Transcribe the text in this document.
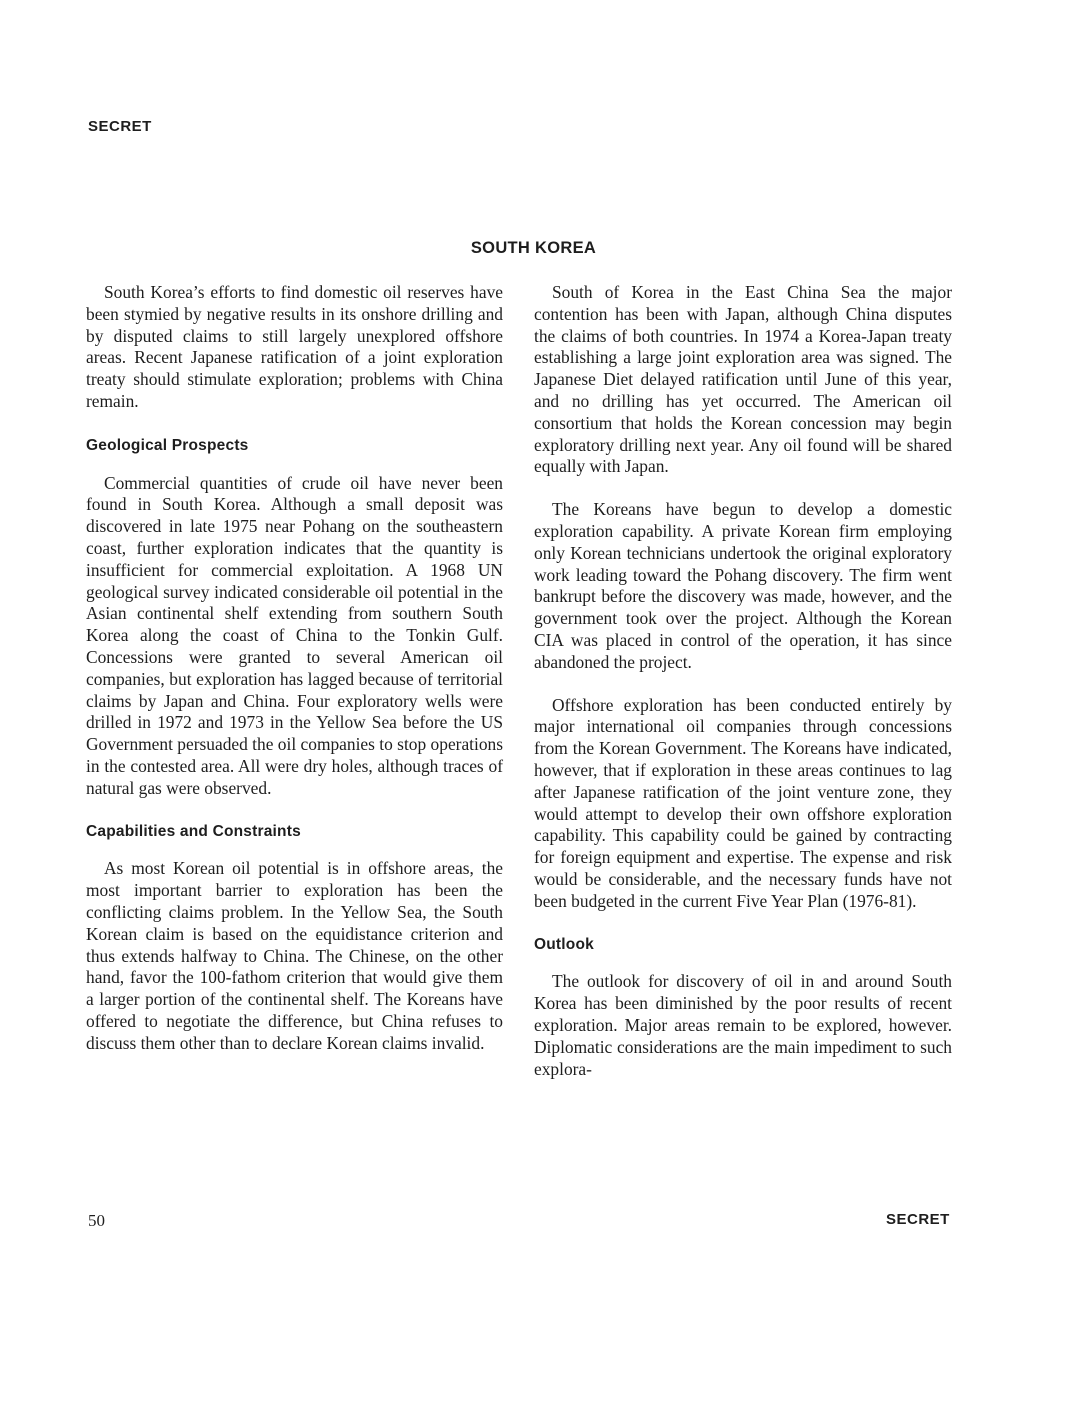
SECRET
SOUTH KOREA

South Korea’s efforts to find domestic oil reserves have been stymied by negative results in its onshore drilling and by disputed claims to still largely unexplored offshore areas. Recent Japanese ratification of a joint exploration treaty should stimulate exploration; problems with China remain.

Geological Prospects

Commercial quantities of crude oil have never been found in South Korea. Although a small deposit was discovered in late 1975 near Pohang on the southeastern coast, further exploration indicates that the quantity is insufficient for commercial exploitation. A 1968 UN geological survey indicated considerable oil potential in the Asian continental shelf extending from southern South Korea along the coast of China to the Tonkin Gulf. Concessions were granted to several American oil companies, but exploration has lagged because of territorial claims by Japan and China. Four exploratory wells were drilled in 1972 and 1973 in the Yellow Sea before the US Government persuaded the oil companies to stop operations in the contested area. All were dry holes, although traces of natural gas were observed.

Capabilities and Constraints

As most Korean oil potential is in offshore areas, the most important barrier to exploration has been the conflicting claims problem. In the Yellow Sea, the South Korean claim is based on the equidistance criterion and thus extends halfway to China. The Chinese, on the other hand, favor the 100-fathom criterion that would give them a larger portion of the continental shelf. The Koreans have offered to negotiate the difference, but China refuses to discuss them other than to declare Korean claims invalid.

South of Korea in the East China Sea the major contention has been with Japan, although China disputes the claims of both countries. In 1974 a Korea-Japan treaty establishing a large joint exploration area was signed. The Japanese Diet delayed ratification until June of this year, and no drilling has yet occurred. The American oil consortium that holds the Korean concession may begin exploratory drilling next year. Any oil found will be shared equally with Japan.

The Koreans have begun to develop a domestic exploration capability. A private Korean firm employing only Korean technicians undertook the original exploratory work leading toward the Pohang discovery. The firm went bankrupt before the discovery was made, however, and the government took over the project. Although the Korean CIA was placed in control of the operation, it has since abandoned the project.

Offshore exploration has been conducted entirely by major international oil companies through concessions from the Korean Government. The Koreans have indicated, however, that if exploration in these areas continues to lag after Japanese ratification of the joint venture zone, they would attempt to develop their own offshore exploration capability. This capability could be gained by contracting for foreign equipment and expertise. The expense and risk would be considerable, and the necessary funds have not been budgeted in the current Five Year Plan (1976-81).

Outlook

The outlook for discovery of oil in and around South Korea has been diminished by the poor results of recent exploration. Major areas remain to be explored, however. Diplomatic considerations are the main impediment to such explora-

50	SECRET
